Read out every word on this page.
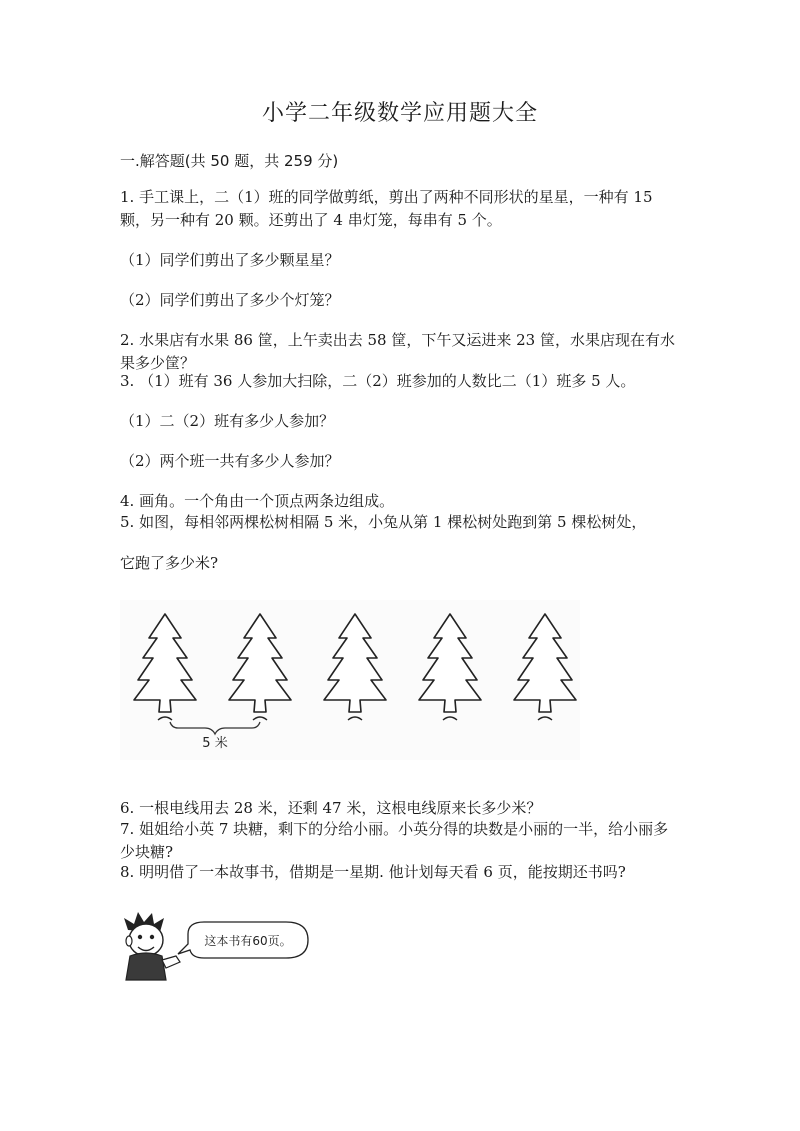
小学二年级数学应用题大全
一.解答题(共 50 题，共 259 分)

1. 手工课上，二（1）班的同学做剪纸，剪出了两种不同形状的星星，一种有 15 颗，另一种有 20 颗。还剪出了 4 串灯笼，每串有 5 个。

（1）同学们剪出了多少颗星星？

（2）同学们剪出了多少个灯笼？

2. 水果店有水果 86 筐，上午卖出去 58 筐，下午又运进来 23 筐，水果店现在有水果多少筐？

3. （1）班有 36 人参加大扫除，二（2）班参加的人数比二（1）班多 5 人。

（1）二（2）班有多少人参加？

（2）两个班一共有多少人参加？

4. 画角。一个角由一个顶点两条边组成。

5. 如图，每相邻两棵松树相隔 5 米，小兔从第 1 棵松树处跑到第 5 棵松树处，

它跑了多少米?

5 米

6. 一根电线用去 28 米，还剩 47 米，这根电线原来长多少米？

7. 姐姐给小英 7 块糖，剩下的分给小丽。小英分得的块数是小丽的一半，给小丽多少块糖?

8. 明明借了一本故事书，借期是一星期. 他计划每天看 6 页，能按期还书吗?

这本书有60页。
